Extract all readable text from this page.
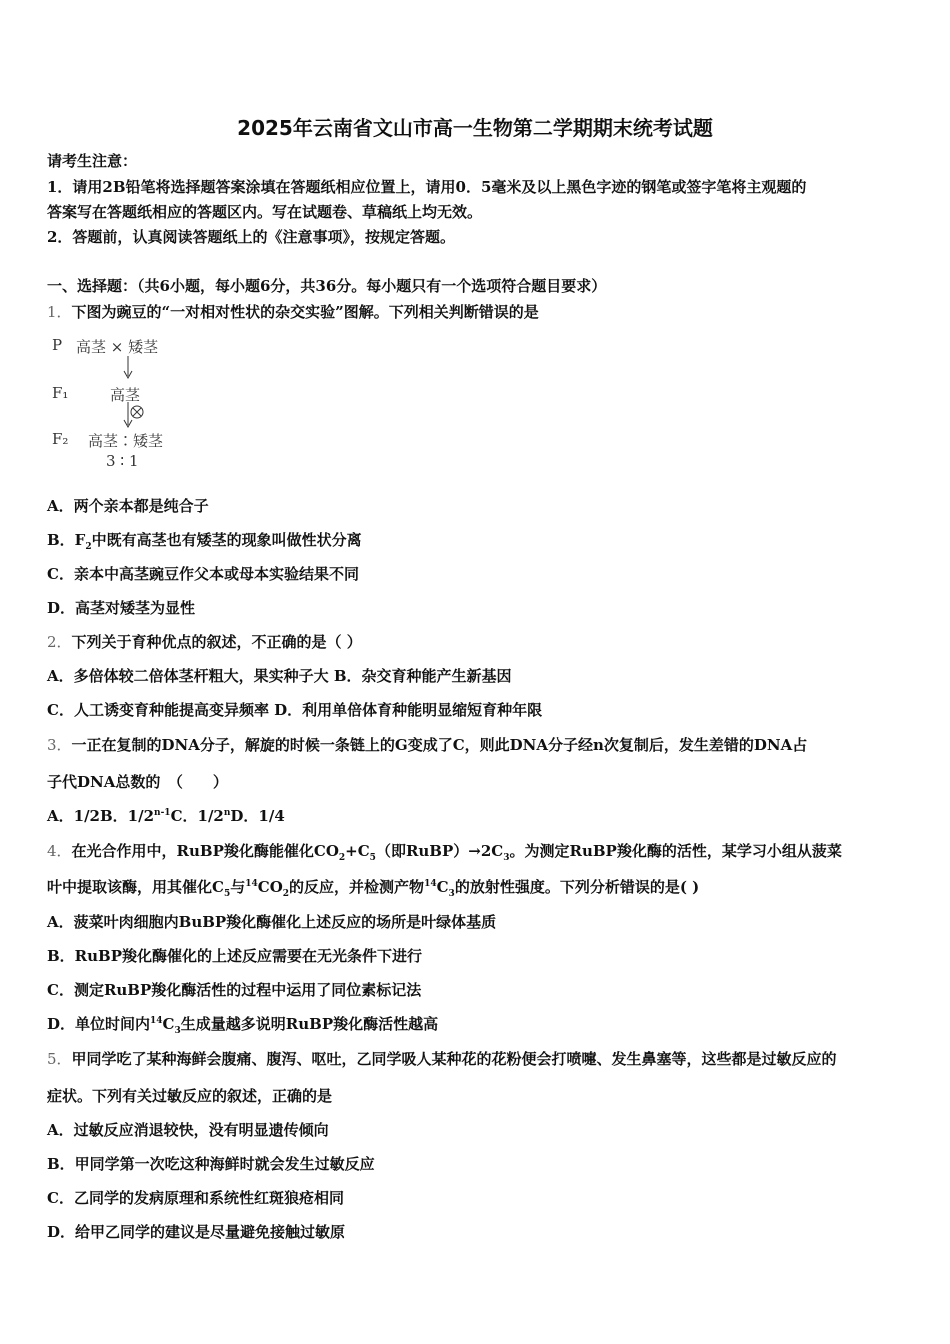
2025年云南省文山市高一生物第二学期期末统考试题
请考生注意：
1．请用2B铅笔将选择题答案涂填在答题纸相应位置上，请用0．5毫米及以上黑色字迹的钢笔或签字笔将主观题的
答案写在答题纸相应的答题区内。写在试题卷、草稿纸上均无效。
2．答题前，认真阅读答题纸上的《注意事项》，按规定答题。
一、选择题：（共6小题，每小题6分，共36分。每小题只有一个选项符合题目要求）
1．下图为豌豆的“一对相对性状的杂交实验”图解。下列相关判断错误的是
P 高茎 × 矮茎
F₁	高茎
F₂ 高茎∶矮茎
3 ∶ 1
A．两个亲本都是纯合子
B．$F_2$中既有高茎也有矮茎的现象叫做性状分离
C．亲本中高茎豌豆作父本或母本实验结果不同
D．高茎对矮茎为显性
2．下列关于育种优点的叙述，不正确的是（ ）
A．多倍体较二倍体茎杆粗大，果实种子大 B．杂交育种能产生新基因
C．人工诱变育种能提高变异频率 D．利用单倍体育种能明显缩短育种年限
3．一正在复制的DNA分子，解旋的时候一条链上的G变成了C，则此DNA分子经n次复制后，发生差错的DNA占
子代DNA总数的　（　　）
A．1/2B．1/2$^{n-1}$C．1/2$^n$D．1/4
4．在光合作用中，RuBP羧化酶能催化$CO_2+C_5$（即$RuBP)\to 2C_3$。为测定RuBP羧化酶的活性，某学习小组从菠菜
叶中提取该酶，用其催化$C_5$与$^{14}CO_2$的反应，并检测产物$^{14}C_3$的放射性强度。下列分析错误的是( )
A．菠菜叶肉细胞内BuBP羧化酶催化上述反应的场所是叶绿体基质
B．RuBP羧化酶催化的上述反应需要在无光条件下进行
C．测定RuBP羧化酶活性的过程中运用了同位素标记法
D．单位时间内$^{14}C_3$生成量越多说明RuBP羧化酶活性越高
5．甲同学吃了某种海鲜会腹痛、腹泻、呕吐，乙同学吸人某种花的花粉便会打喷嚏、发生鼻塞等，这些都是过敏反应的
症状。下列有关过敏反应的叙述，正确的是
A．过敏反应消退较快，没有明显遗传倾向
B．甲同学第一次吃这种海鲜时就会发生过敏反应
C．乙同学的发病原理和系统性红斑狼疮相同
D．给甲乙同学的建议是尽量避免接触过敏原
